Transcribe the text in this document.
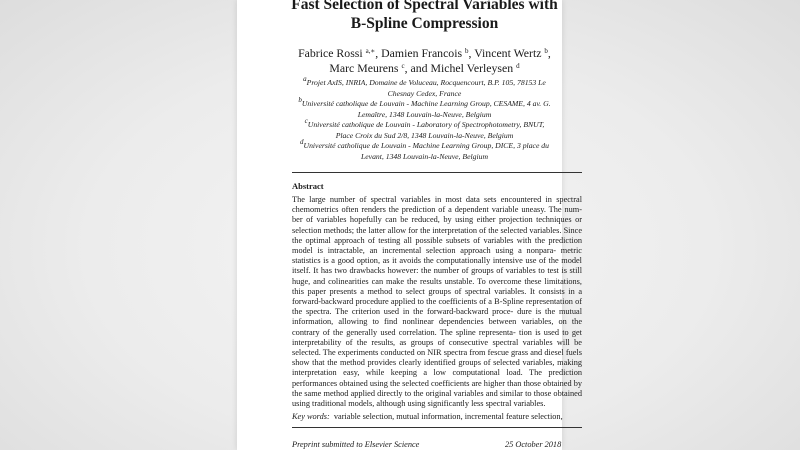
Fast Selection of Spectral Variables with
B-Spline Compression
Fabrice Rossi $^{a,∗}$, Damien Francois $^b$, Vincent Wertz $^b$,
Marc Meurens $^c$, and Michel Verleysen $^d$
$^a$Projet AxIS, INRIA, Domaine de Voluceau, Rocquencourt, B.P. 105, 78153 Le
Chesnay Cedex, France
$^b$Université catholique de Louvain - Machine Learning Group, CESAME, 4 av. G.
Lemaître, 1348 Louvain-la-Neuve, Belgium
$^c$Université catholique de Louvain - Laboratory of Spectrophotometry, BNUT,
Place Croix du Sud 2/8, 1348 Louvain-la-Neuve, Belgium
$^d$Université catholique de Louvain - Machine Learning Group, DICE, 3 place du
Levant, 1348 Louvain-la-Neuve, Belgium
Abstract

The large number of spectral variables in most data sets encountered in spectral chemometrics often renders the prediction of a dependent variable uneasy. The num- ber of variables hopefully can be reduced, by using either projection techniques or selection methods; the latter allow for the interpretation of the selected variables. Since the optimal approach of testing all possible subsets of variables with the prediction model is intractable, an incremental selection approach using a nonpara- metric statistics is a good option, as it avoids the computationally intensive use of the model itself. It has two drawbacks however: the number of groups of variables to test is still huge, and colinearities can make the results unstable. To overcome these limitations, this paper presents a method to select groups of spectral variables. It consists in a forward-backward procedure applied to the coefficients of a B-Spline representation of the spectra. The criterion used in the forward-backward proce- dure is the mutual information, allowing to find nonlinear dependencies between variables, on the contrary of the generally used correlation. The spline representa- tion is used to get interpretability of the results, as groups of consecutive spectral variables will be selected. The experiments conducted on NIR spectra from fescue grass and diesel fuels show that the method provides clearly identified groups of selected variables, making interpretation easy, while keeping a low computational load. The prediction performances obtained using the selected coefficients are higher than those obtained by the same method applied directly to the original variables and similar to those obtained using traditional models, although using significantly less spectral variables.

Key words: variable selection, mutual information, incremental feature selection,
Preprint submitted to Elsevier Science	25 October 2018
